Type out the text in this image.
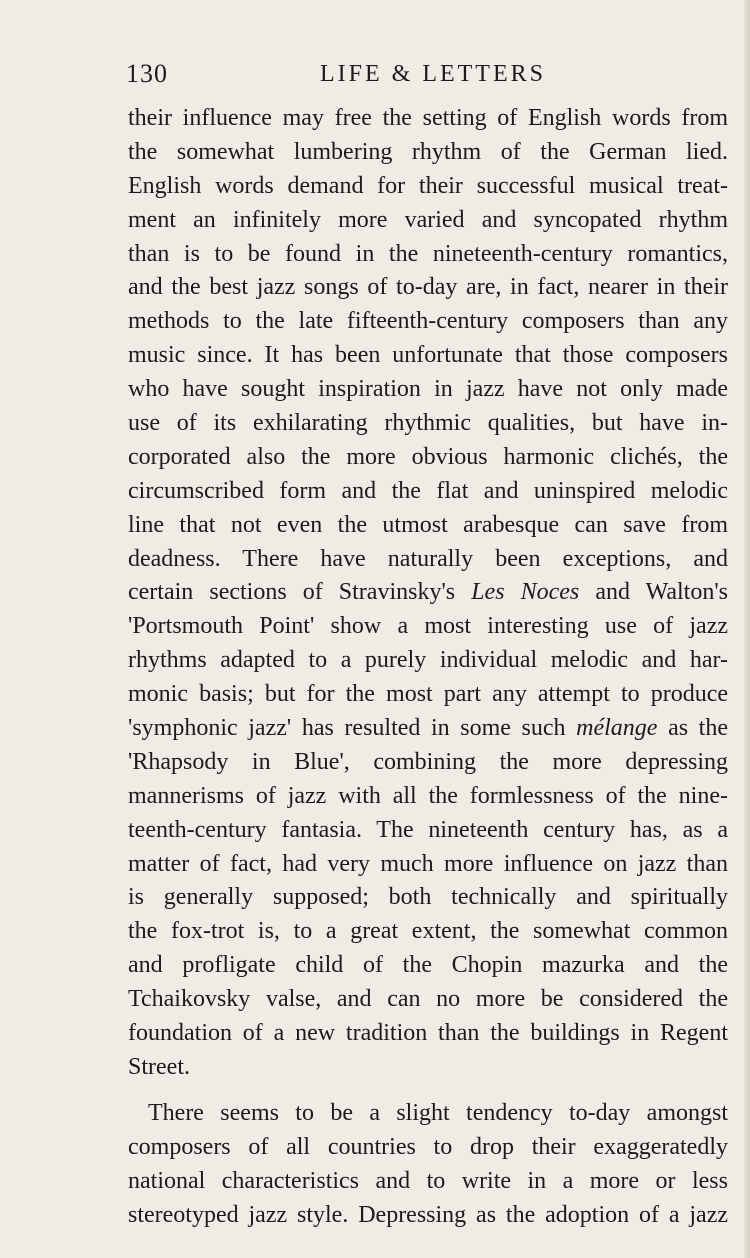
130	LIFE & LETTERS
their influence may free the setting of English words from
the somewhat lumbering rhythm of the German lied.
English words demand for their successful musical treat-
ment an infinitely more varied and syncopated rhythm
than is to be found in the nineteenth-century romantics,
and the best jazz songs of to-day are, in fact, nearer in their
methods to the late fifteenth-century composers than any
music since. It has been unfortunate that those composers
who have sought inspiration in jazz have not only made
use of its exhilarating rhythmic qualities, but have in-
corporated also the more obvious harmonic clichés, the
circumscribed form and the flat and uninspired melodic
line that not even the utmost arabesque can save from
deadness. There have naturally been exceptions, and
certain sections of Stravinsky's Les Noces and Walton's
'Portsmouth Point' show a most interesting use of jazz
rhythms adapted to a purely individual melodic and har-
monic basis; but for the most part any attempt to produce
'symphonic jazz' has resulted in some such mélange as the
'Rhapsody in Blue', combining the more depressing
mannerisms of jazz with all the formlessness of the nine-
teenth-century fantasia. The nineteenth century has, as a
matter of fact, had very much more influence on jazz than
is generally supposed; both technically and spiritually
the fox-trot is, to a great extent, the somewhat common
and profligate child of the Chopin mazurka and the
Tchaikovsky valse, and can no more be considered the
foundation of a new tradition than the buildings in Regent
Street.
There seems to be a slight tendency to-day amongst
composers of all countries to drop their exaggeratedly
national characteristics and to write in a more or less
stereotyped jazz style. Depressing as the adoption of a jazz
